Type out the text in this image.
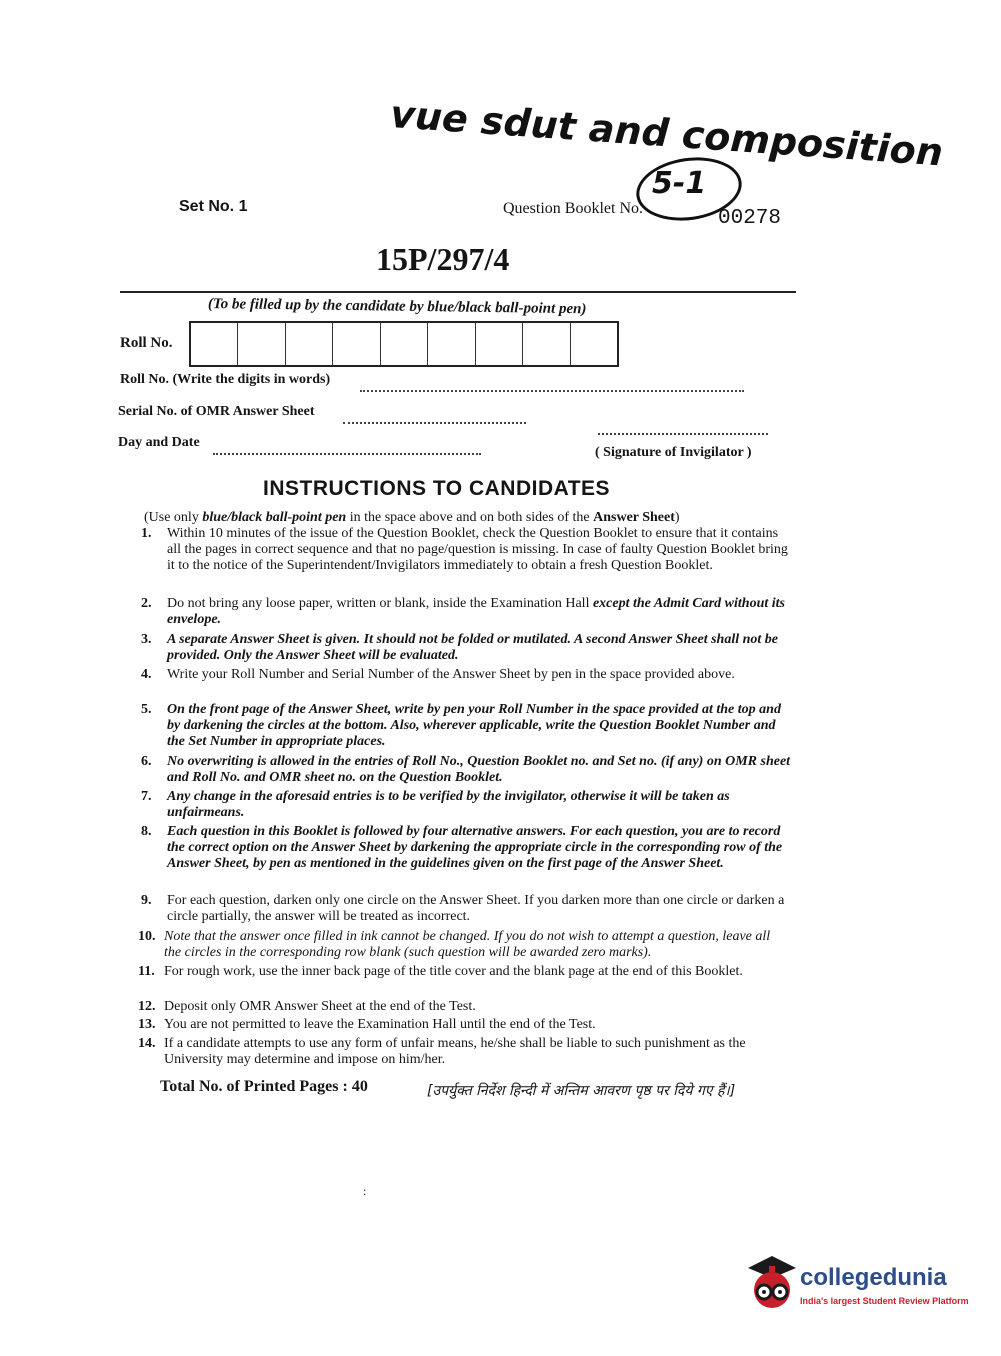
vue sdut and composition
5-1
Set No. 1	Question Booklet No.	00278
15P/297/4
(To be filled up by the candidate by blue/black ball-point pen)
Roll No.
Roll No. (Write the digits in words)
Serial No. of OMR Answer Sheet
Day and Date
( Signature of Invigilator )
INSTRUCTIONS TO CANDIDATES
(Use only blue/black ball-point pen in the space above and on both sides of the Answer Sheet)
1. Within 10 minutes of the issue of the Question Booklet, check the Question Booklet to ensure that it contains all the pages in correct sequence and that no page/question is missing. In case of faulty Question Booklet bring it to the notice of the Superintendent/Invigilators immediately to obtain a fresh Question Booklet.
2. Do not bring any loose paper, written or blank, inside the Examination Hall except the Admit Card without its envelope.
3. A separate Answer Sheet is given. It should not be folded or mutilated. A second Answer Sheet shall not be provided. Only the Answer Sheet will be evaluated.
4. Write your Roll Number and Serial Number of the Answer Sheet by pen in the space provided above.
5. On the front page of the Answer Sheet, write by pen your Roll Number in the space provided at the top and by darkening the circles at the bottom. Also, wherever applicable, write the Question Booklet Number and the Set Number in appropriate places.
6. No overwriting is allowed in the entries of Roll No., Question Booklet no. and Set no. (if any) on OMR sheet and Roll No. and OMR sheet no. on the Question Booklet.
7. Any change in the aforesaid entries is to be verified by the invigilator, otherwise it will be taken as unfairmeans.
8. Each question in this Booklet is followed by four alternative answers. For each question, you are to record the correct option on the Answer Sheet by darkening the appropriate circle in the corresponding row of the Answer Sheet, by pen as mentioned in the guidelines given on the first page of the Answer Sheet.
9. For each question, darken only one circle on the Answer Sheet. If you darken more than one circle or darken a circle partially, the answer will be treated as incorrect.
10. Note that the answer once filled in ink cannot be changed. If you do not wish to attempt a question, leave all the circles in the corresponding row blank (such question will be awarded zero marks).
11. For rough work, use the inner back page of the title cover and the blank page at the end of this Booklet.
12. Deposit only OMR Answer Sheet at the end of the Test.
13. You are not permitted to leave the Examination Hall until the end of the Test.
14. If a candidate attempts to use any form of unfair means, he/she shall be liable to such punishment as the University may determine and impose on him/her.
Total No. of Printed Pages : 40	[उपर्युक्त निर्देश हिन्दी में अन्तिम आवरण पृष्ठ पर दिये गए हैं।]
:
collegedunia
India's largest Student Review Platform
